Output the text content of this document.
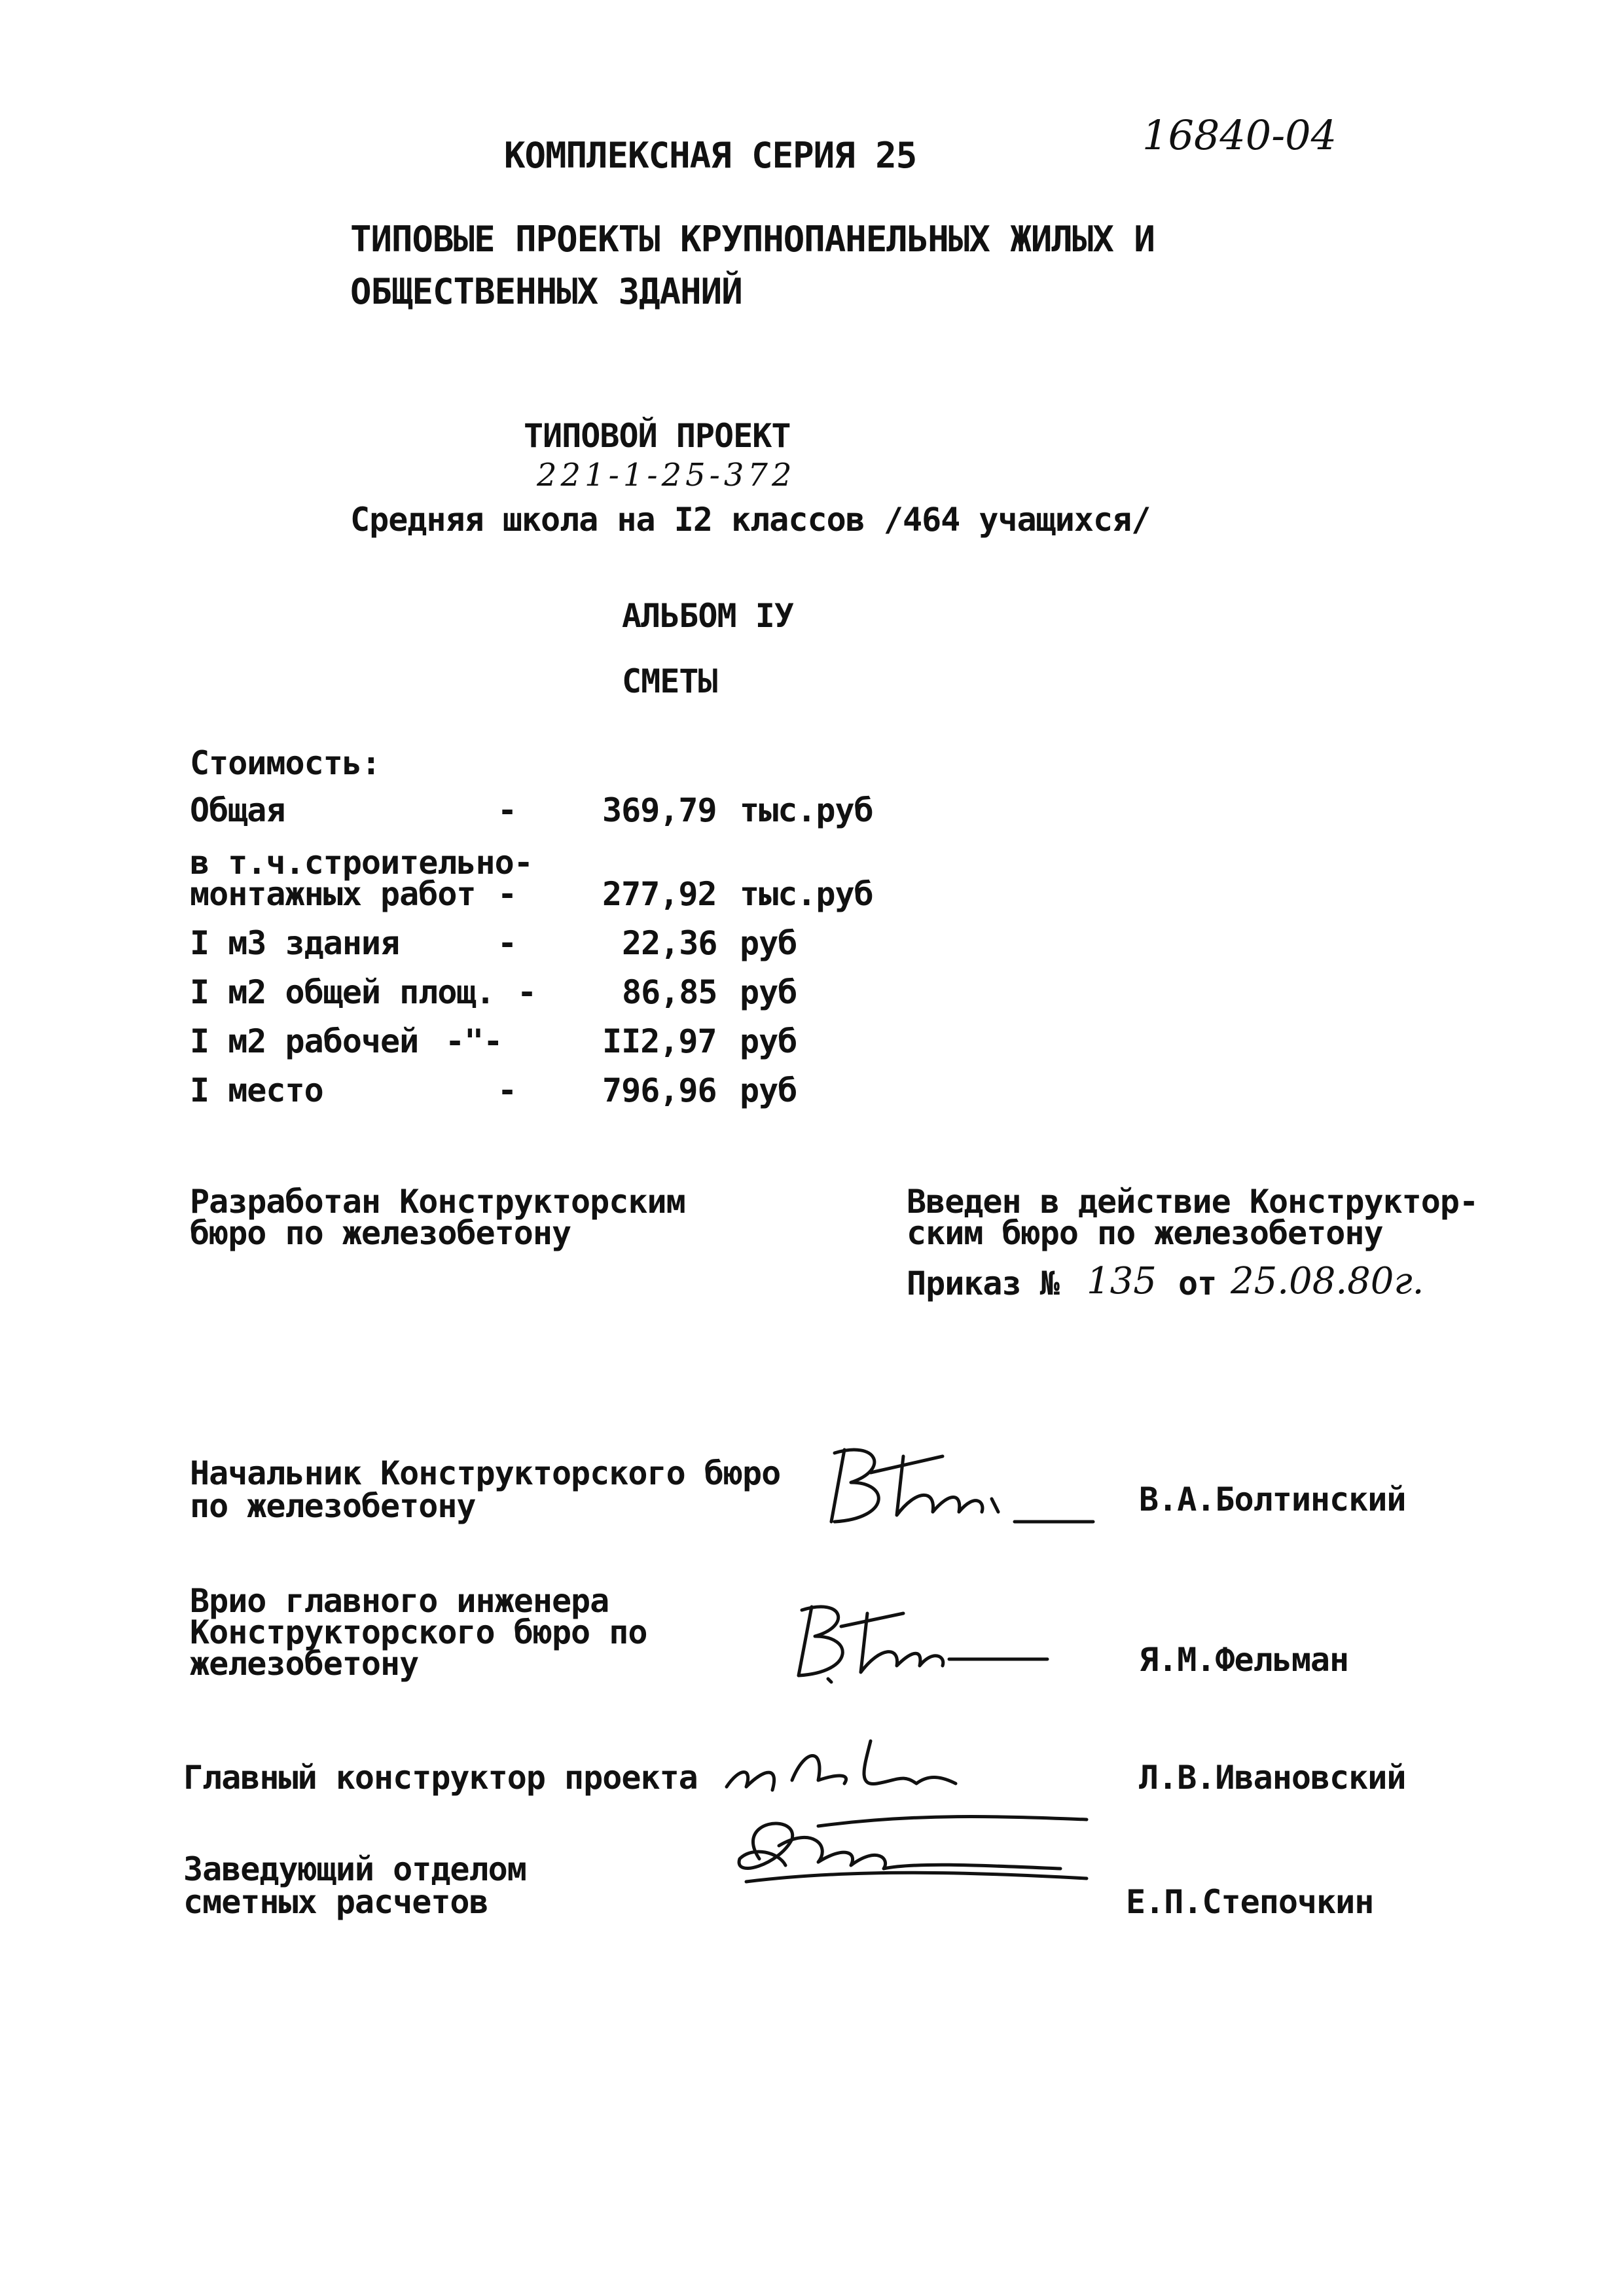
16840-04
КОМПЛЕКСНАЯ СЕРИЯ 25
ТИПОВЫЕ ПРОЕКТЫ КРУПНОПАНЕЛЬНЫХ ЖИЛЫХ И
ОБЩЕСТВЕННЫХ ЗДАНИЙ
ТИПОВОЙ ПРОЕКТ
221-1-25-372
Средняя школа на I2 классов /464 учащихся/
АЛЬБОМ IУ
СМЕТЫ
Стоимость:
Общая	-	369,79 тыс.руб
в т.ч.строительно-
монтажных работ -	277,92 тыс.руб
I м3 здания	-	22,36 руб
I м2 общей площ. -	86,85 руб
I м2 рабочей -"-	II2,97 руб
I место	-	796,96 руб
Разработан Конструкторским
бюро по железобетону
Введен в действие Конструктор-
ским бюро по железобетону
Приказ № 135 от 25.08.80г.
Начальник Конструкторского бюро
по железобетону	В.А.Болтинский
Врио главного инженера
Конструкторского бюро по
железобетону	Я.М.Фельман
Главный конструктор проекта	Л.В.Ивановский
Заведующий отделом
сметных расчетов	Е.П.Степочкин
